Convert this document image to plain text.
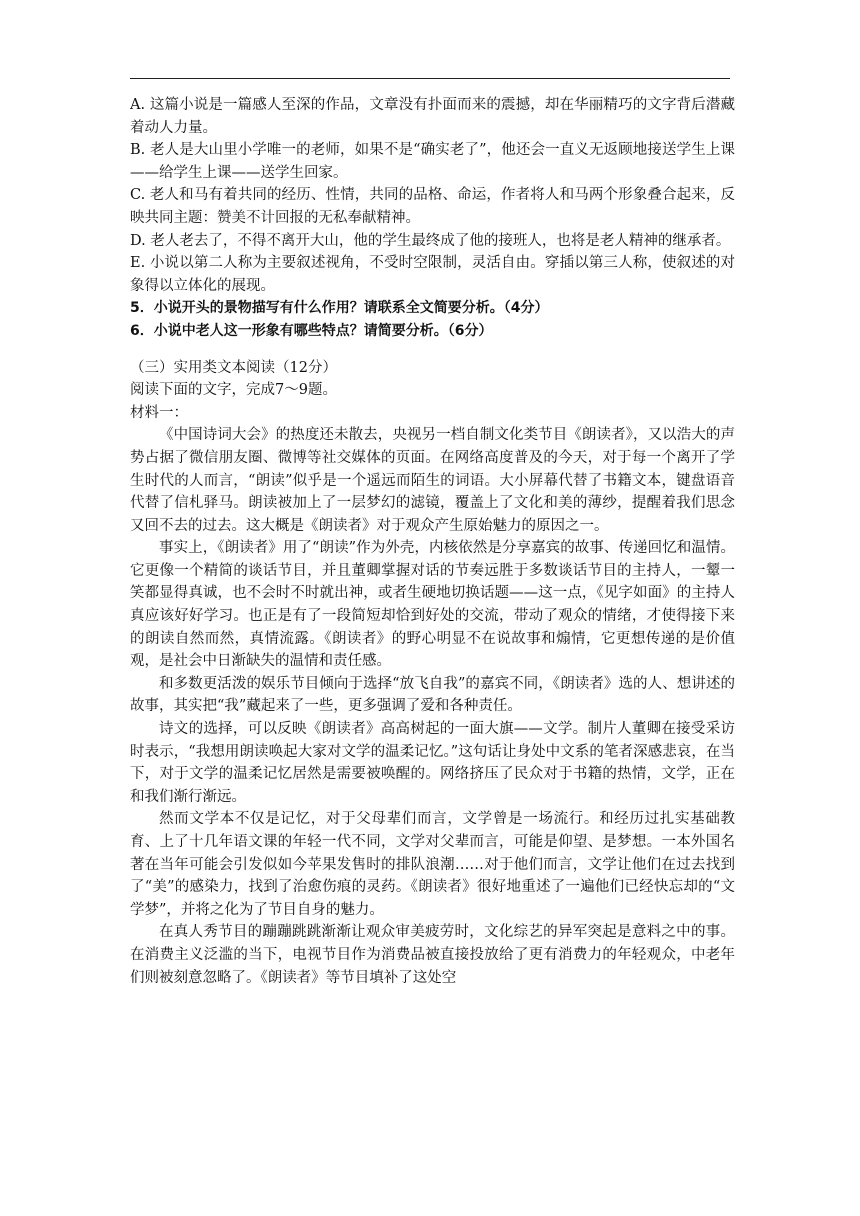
A. 这篇小说是一篇感人至深的作品，文章没有扑面而来的震撼，却在华丽精巧的文字背后潜藏着动人力量。

B. 老人是大山里小学唯一的老师，如果不是“确实老了”，他还会一直义无返顾地接送学生上课——给学生上课——送学生回家。

C. 老人和马有着共同的经历、性情，共同的品格、命运，作者将人和马两个形象叠合起来，反映共同主题：赞美不计回报的无私奉献精神。

D. 老人老去了，不得不离开大山，他的学生最终成了他的接班人，也将是老人精神的继承者。

E. 小说以第二人称为主要叙述视角，不受时空限制，灵活自由。穿插以第三人称，使叙述的对象得以立体化的展现。

5．小说开头的景物描写有什么作用？请联系全文简要分析。（4分）

6．小说中老人这一形象有哪些特点？请简要分析。（6分）

（三）实用类文本阅读（12分）

阅读下面的文字，完成7～9题。

材料一：

《中国诗词大会》的热度还未散去，央视另一档自制文化类节目《朗读者》，又以浩大的声势占据了微信朋友圈、微博等社交媒体的页面。在网络高度普及的今天，对于每一个离开了学生时代的人而言，“朗读”似乎是一个遥远而陌生的词语。大小屏幕代替了书籍文本，键盘语音代替了信札驿马。朗读被加上了一层梦幻的滤镜，覆盖上了文化和美的薄纱，提醒着我们思念又回不去的过去。这大概是《朗读者》对于观众产生原始魅力的原因之一。

事实上，《朗读者》用了“朗读”作为外壳，内核依然是分享嘉宾的故事、传递回忆和温情。它更像一个精简的谈话节目，并且董卿掌握对话的节奏远胜于多数谈话节目的主持人，一颦一笑都显得真诚，也不会时不时就出神，或者生硬地切换话题——这一点，《见字如面》的主持人真应该好好学习。也正是有了一段简短却恰到好处的交流，带动了观众的情绪，才使得接下来的朗读自然而然，真情流露。《朗读者》的野心明显不在说故事和煽情，它更想传递的是价值观，是社会中日渐缺失的温情和责任感。

和多数更活泼的娱乐节目倾向于选择“放飞自我”的嘉宾不同，《朗读者》选的人、想讲述的故事，其实把“我”藏起来了一些，更多强调了爱和各种责任。

诗文的选择，可以反映《朗读者》高高树起的一面大旗——文学。制片人董卿在接受采访时表示，“我想用朗读唤起大家对文学的温柔记忆。”这句话让身处中文系的笔者深感悲哀，在当下，对于文学的温柔记忆居然是需要被唤醒的。网络挤压了民众对于书籍的热情，文学，正在和我们渐行渐远。

然而文学本不仅是记忆，对于父母辈们而言，文学曾是一场流行。和经历过扎实基础教育、上了十几年语文课的年轻一代不同，文学对父辈而言，可能是仰望、是梦想。一本外国名著在当年可能会引发似如今苹果发售时的排队浪潮……对于他们而言，文学让他们在过去找到了“美”的感染力，找到了治愈伤痕的灵药。《朗读者》很好地重述了一遍他们已经快忘却的“文学梦”，并将之化为了节目自身的魅力。

在真人秀节目的蹦蹦跳跳渐渐让观众审美疲劳时，文化综艺的异军突起是意料之中的事。在消费主义泛滥的当下，电视节目作为消费品被直接投放给了更有消费力的年轻观众，中老年们则被刻意忽略了。《朗读者》等节目填补了这处空
